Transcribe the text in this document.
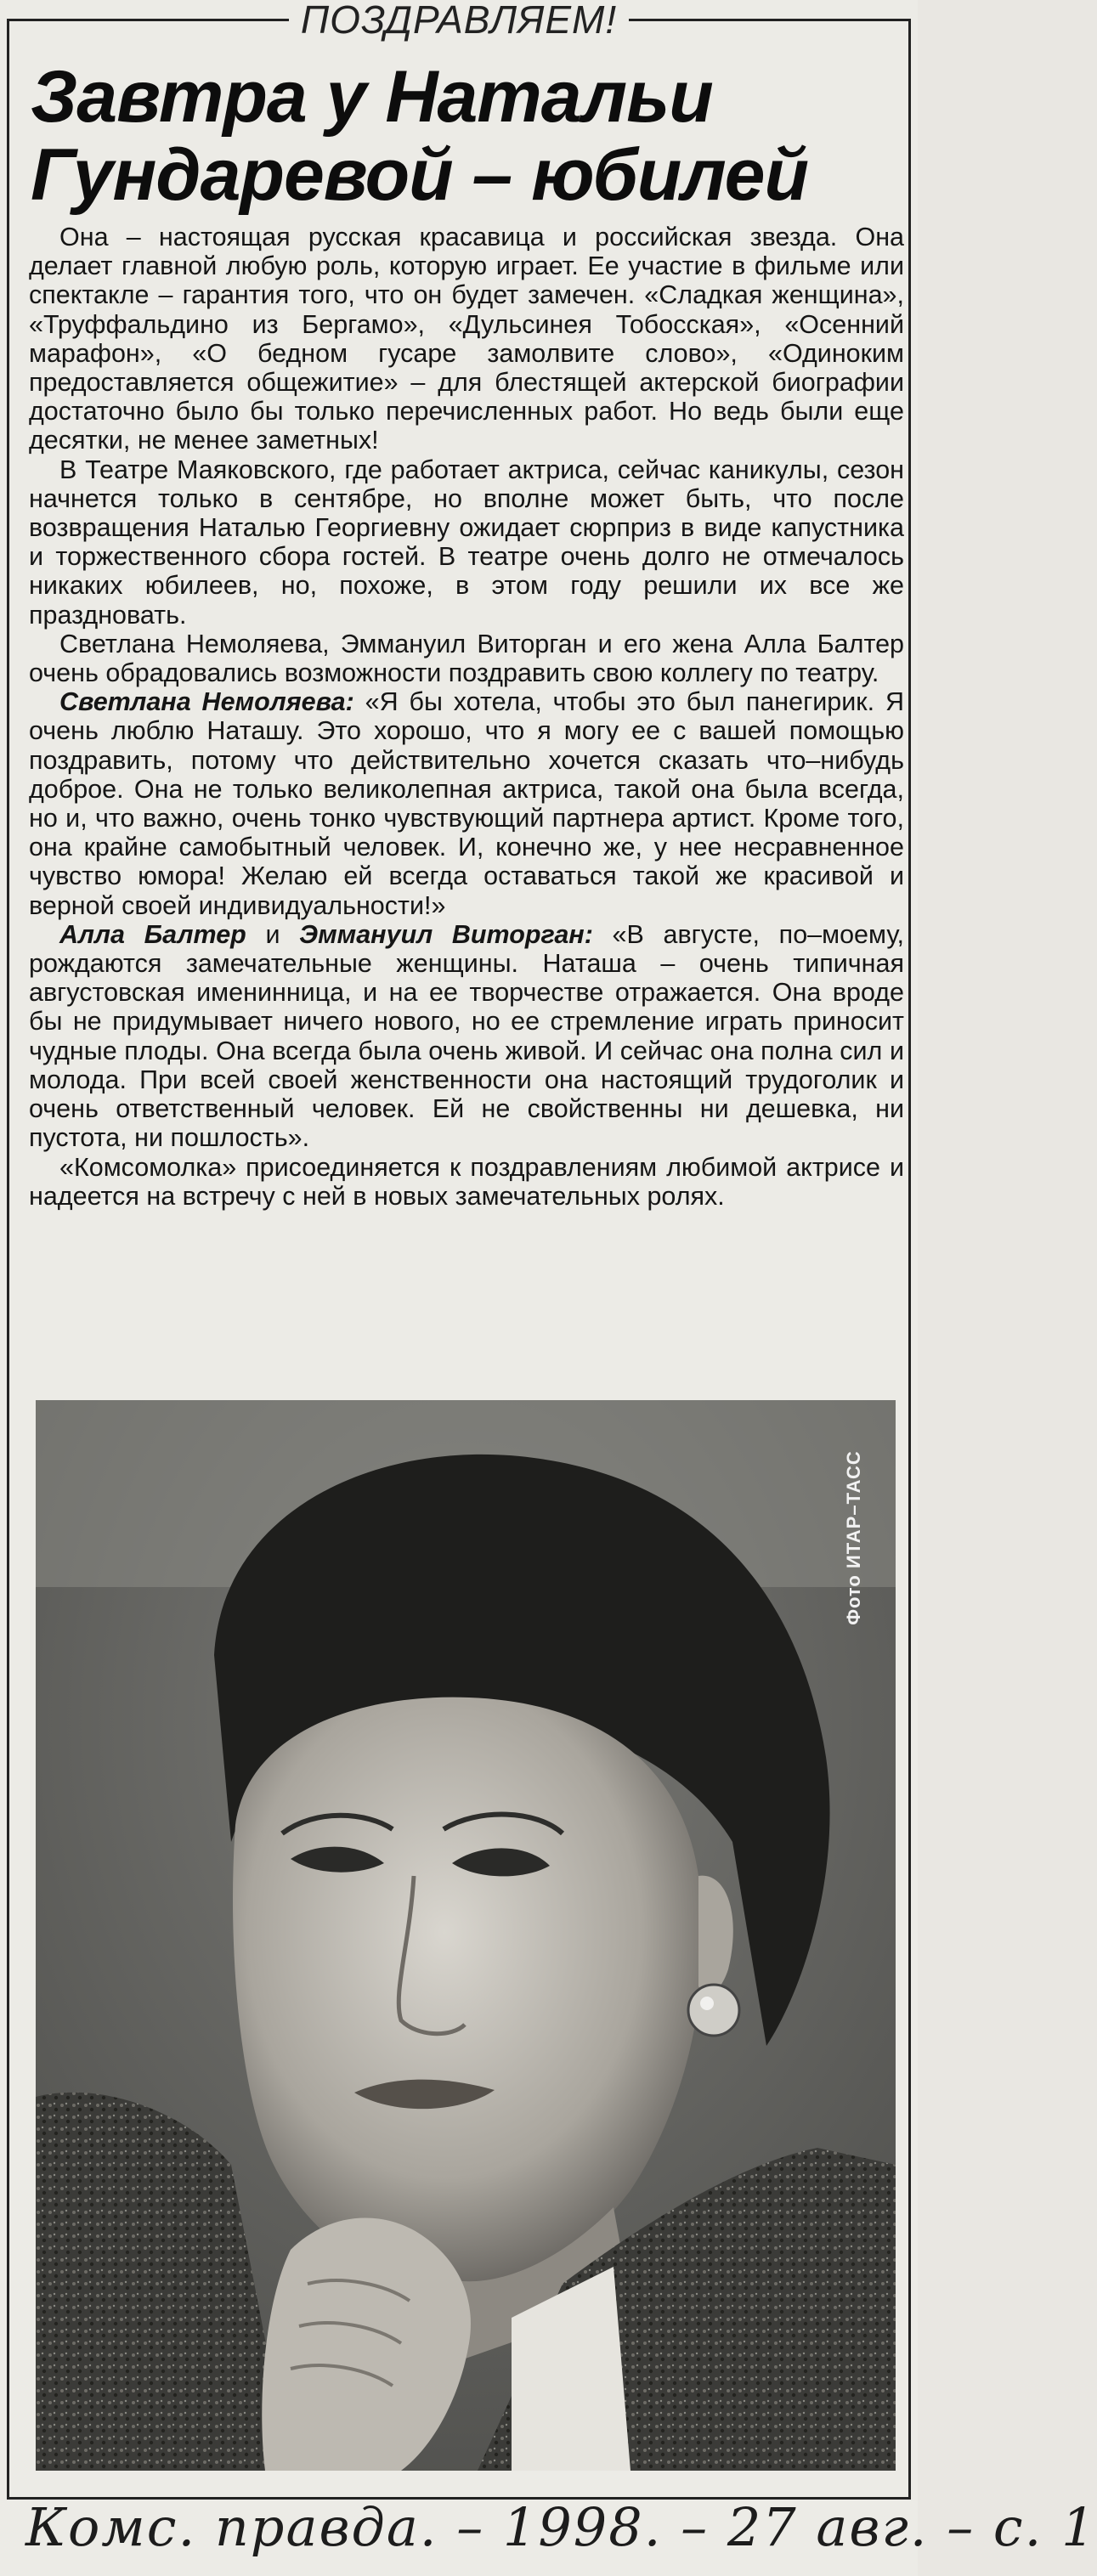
ПОЗДРАВЛЯЕМ!
Завтра у Натальи
Гундаревой – юбилей

Она – настоящая русская красавица и российская звезда. Она делает главной любую роль, которую играет. Ее участие в фильме или спектакле – гарантия того, что он будет замечен. «Сладкая женщина», «Труффальдино из Бергамо», «Дульсинея Тобосская», «Осенний марафон», «О бедном гусаре замолвите слово», «Одиноким предоставляется общежитие» – для блестящей актерской биографии достаточно было бы только перечисленных работ. Но ведь были еще десятки, не менее заметных!

В Театре Маяковского, где работает актриса, сейчас каникулы, сезон начнется только в сентябре, но вполне может быть, что после возвращения Наталью Георгиевну ожидает сюрприз в виде капустника и торжественного сбора гостей. В театре очень долго не отмечалось никаких юбилеев, но, похоже, в этом году решили их все же праздновать.

Светлана Немоляева, Эммануил Виторган и его жена Алла Балтер очень обрадовались возможности поздравить свою коллегу по театру.

Светлана Немоляева: «Я бы хотела, чтобы это был панегирик. Я очень люблю Наташу. Это хорошо, что я могу ее с вашей помощью поздравить, потому что действительно хочется сказать что–нибудь доброе. Она не только великолепная актриса, такой она была всегда, но и, что важно, очень тонко чувствующий партнера артист. Кроме того, она крайне самобытный человек. И, конечно же, у нее несравненное чувство юмора! Желаю ей всегда оставаться такой же красивой и верной своей индивидуальности!»

Алла Балтер и Эммануил Виторган: «В августе, по–моему, рождаются замечательные женщины. Наташа – очень типичная августовская именинница, и на ее творчестве отражается. Она вроде бы не придумывает ничего нового, но ее стремление играть приносит чудные плоды. Она всегда была очень живой. И сейчас она полна сил и молода. При всей своей женственности она настоящий трудоголик и очень ответственный человек. Ей не свойственны ни дешевка, ни пустота, ни пошлость».

«Комсомолка» присоединяется к поздравлениям любимой актрисе и надеется на встречу с ней в новых замечательных ролях.

Фото ИТАР–ТАСС
Комс. правда. – 1998. – 27 авг. – с. 1
